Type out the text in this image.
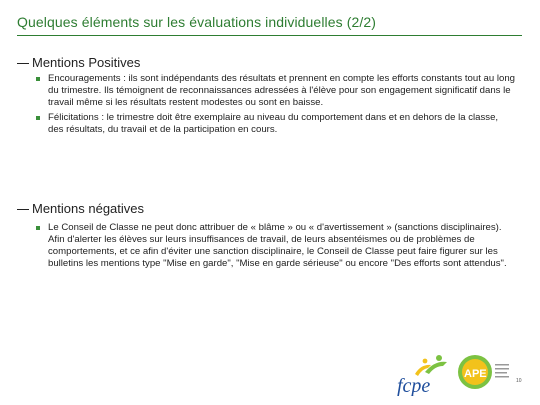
Quelques éléments sur les évaluations individuelles (2/2)
Mentions Positives
Encouragements : ils sont indépendants des résultats et prennent en compte les efforts constants tout au long du trimestre. Ils témoignent de reconnaissances adressées à l'élève pour son engagement significatif dans le travail même si les résultats restent modestes ou sont en baisse.
Félicitations : le trimestre doit être exemplaire au niveau du comportement dans et en dehors de la classe, des résultats, du travail et de la participation en cours.
Mentions négatives
Le Conseil de Classe ne peut donc attribuer de « blâme » ou « d'avertissement » (sanctions disciplinaires). Afin d'alerter les élèves sur leurs insuffisances de travail, de leurs absentéismes ou de problèmes de comportements, et ce afin d'éviter une sanction disciplinaire, le Conseil de Classe peut faire figurer sur les bulletins les mentions type "Mise en garde", "Mise en garde sérieuse" ou encore "Des efforts sont attendus".
fcpe
APE
10
